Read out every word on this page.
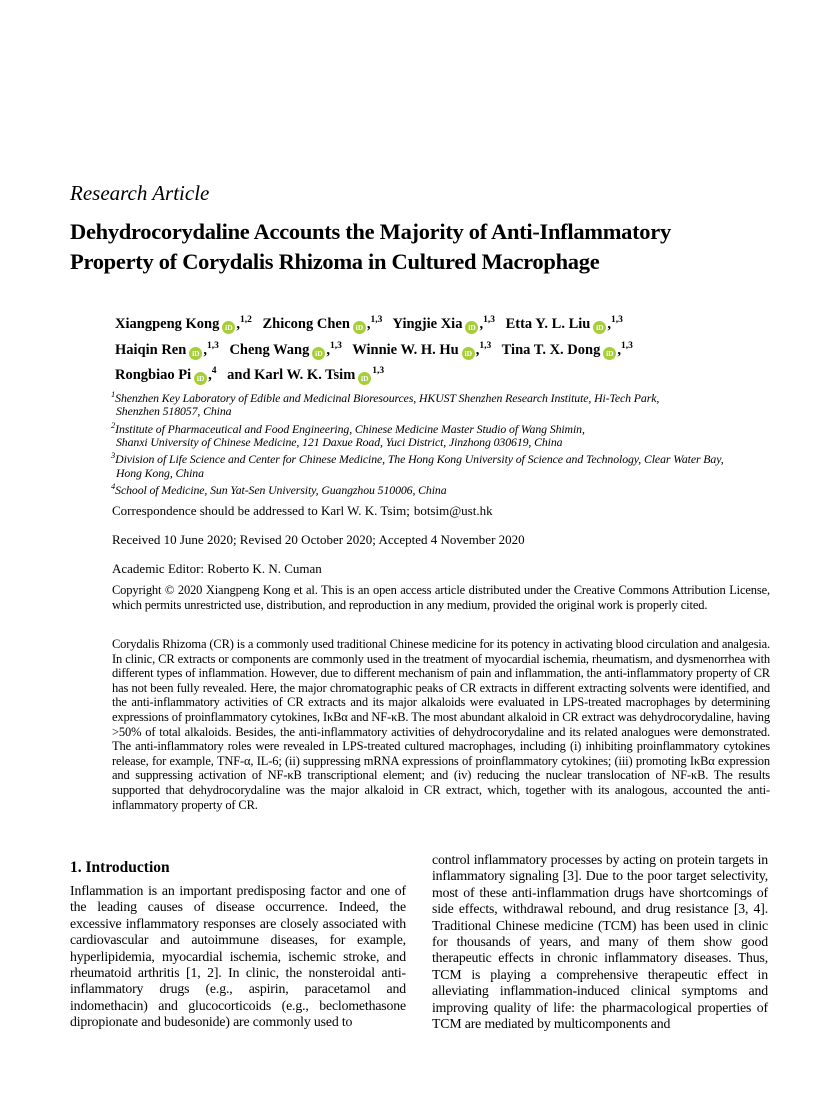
Research Article
Dehydrocorydaline Accounts the Majority of Anti-Inflammatory
Property of Corydalis Rhizoma in Cultured Macrophage
Xiangpeng Kong iD ,$^{1,2}$ Zhicong Chen iD ,$^{1,3}$ Yingjie Xia iD ,$^{1,3}$ Etta Y. L. Liu iD ,$^{1,3}$
Haiqin Ren iD ,$^{1,3}$ Cheng Wang iD ,$^{1,3}$ Winnie W. H. Hu iD ,$^{1,3}$ Tina T. X. Dong iD ,$^{1,3}$
Rongbiao Pi iD ,$^4$ and Karl W. K. Tsim iD$^{1,3}$
$^1$Shenzhen Key Laboratory of Edible and Medicinal Bioresources, HKUST Shenzhen Research Institute, Hi-Tech Park,
Shenzhen 518057, China
$^2$Institute of Pharmaceutical and Food Engineering, Chinese Medicine Master Studio of Wang Shimin,
Shanxi University of Chinese Medicine, 121 Daxue Road, Yuci District, Jinzhong 030619, China
$^3$Division of Life Science and Center for Chinese Medicine, The Hong Kong University of Science and Technology, Clear Water Bay,
Hong Kong, China
$^4$School of Medicine, Sun Yat-Sen University, Guangzhou 510006, China
Correspondence should be addressed to Karl W. K. Tsim; botsim@ust.hk
Received 10 June 2020; Revised 20 October 2020; Accepted 4 November 2020
Academic Editor: Roberto K. N. Cuman
Copyright © 2020 Xiangpeng Kong et al. This is an open access article distributed under the Creative Commons Attribution License, which permits unrestricted use, distribution, and reproduction in any medium, provided the original work is properly cited.
Corydalis Rhizoma (CR) is a commonly used traditional Chinese medicine for its potency in activating blood circulation and analgesia. In clinic, CR extracts or components are commonly used in the treatment of myocardial ischemia, rheumatism, and dysmenorrhea with different types of inflammation. However, due to different mechanism of pain and inflammation, the anti-inflammatory property of CR has not been fully revealed. Here, the major chromatographic peaks of CR extracts in different extracting solvents were identified, and the anti-inflammatory activities of CR extracts and its major alkaloids were evaluated in LPS-treated macrophages by determining expressions of proinflammatory cytokines, IκBα and NF-κB. The most abundant alkaloid in CR extract was dehydrocorydaline, having >50% of total alkaloids. Besides, the anti-inflammatory activities of dehydrocorydaline and its related analogues were demonstrated. The anti-inflammatory roles were revealed in LPS-treated cultured macrophages, including (i) inhibiting proinflammatory cytokines release, for example, TNF-α, IL-6; (ii) suppressing mRNA expressions of proinflammatory cytokines; (iii) promoting IκBα expression and suppressing activation of NF-κB transcriptional element; and (iv) reducing the nuclear translocation of NF-κB. The results supported that dehydrocorydaline was the major alkaloid in CR extract, which, together with its analogous, accounted the anti-inflammatory property of CR.
1. Introduction
Inflammation is an important predisposing factor and one of the leading causes of disease occurrence. Indeed, the excessive inflammatory responses are closely associated with cardiovascular and autoimmune diseases, for example, hyperlipidemia, myocardial ischemia, ischemic stroke, and rheumatoid arthritis [1, 2]. In clinic, the nonsteroidal anti-inflammatory drugs (e.g., aspirin, paracetamol and indomethacin) and glucocorticoids (e.g., beclomethasone dipropionate and budesonide) are commonly used to
control inflammatory processes by acting on protein targets in inflammatory signaling [3]. Due to the poor target selectivity, most of these anti-inflammation drugs have shortcomings of side effects, withdrawal rebound, and drug resistance [3, 4]. Traditional Chinese medicine (TCM) has been used in clinic for thousands of years, and many of them show good therapeutic effects in chronic inflammatory diseases. Thus, TCM is playing a comprehensive therapeutic effect in alleviating inflammation-induced clinical symptoms and improving quality of life: the pharmacological properties of TCM are mediated by multicomponents and
